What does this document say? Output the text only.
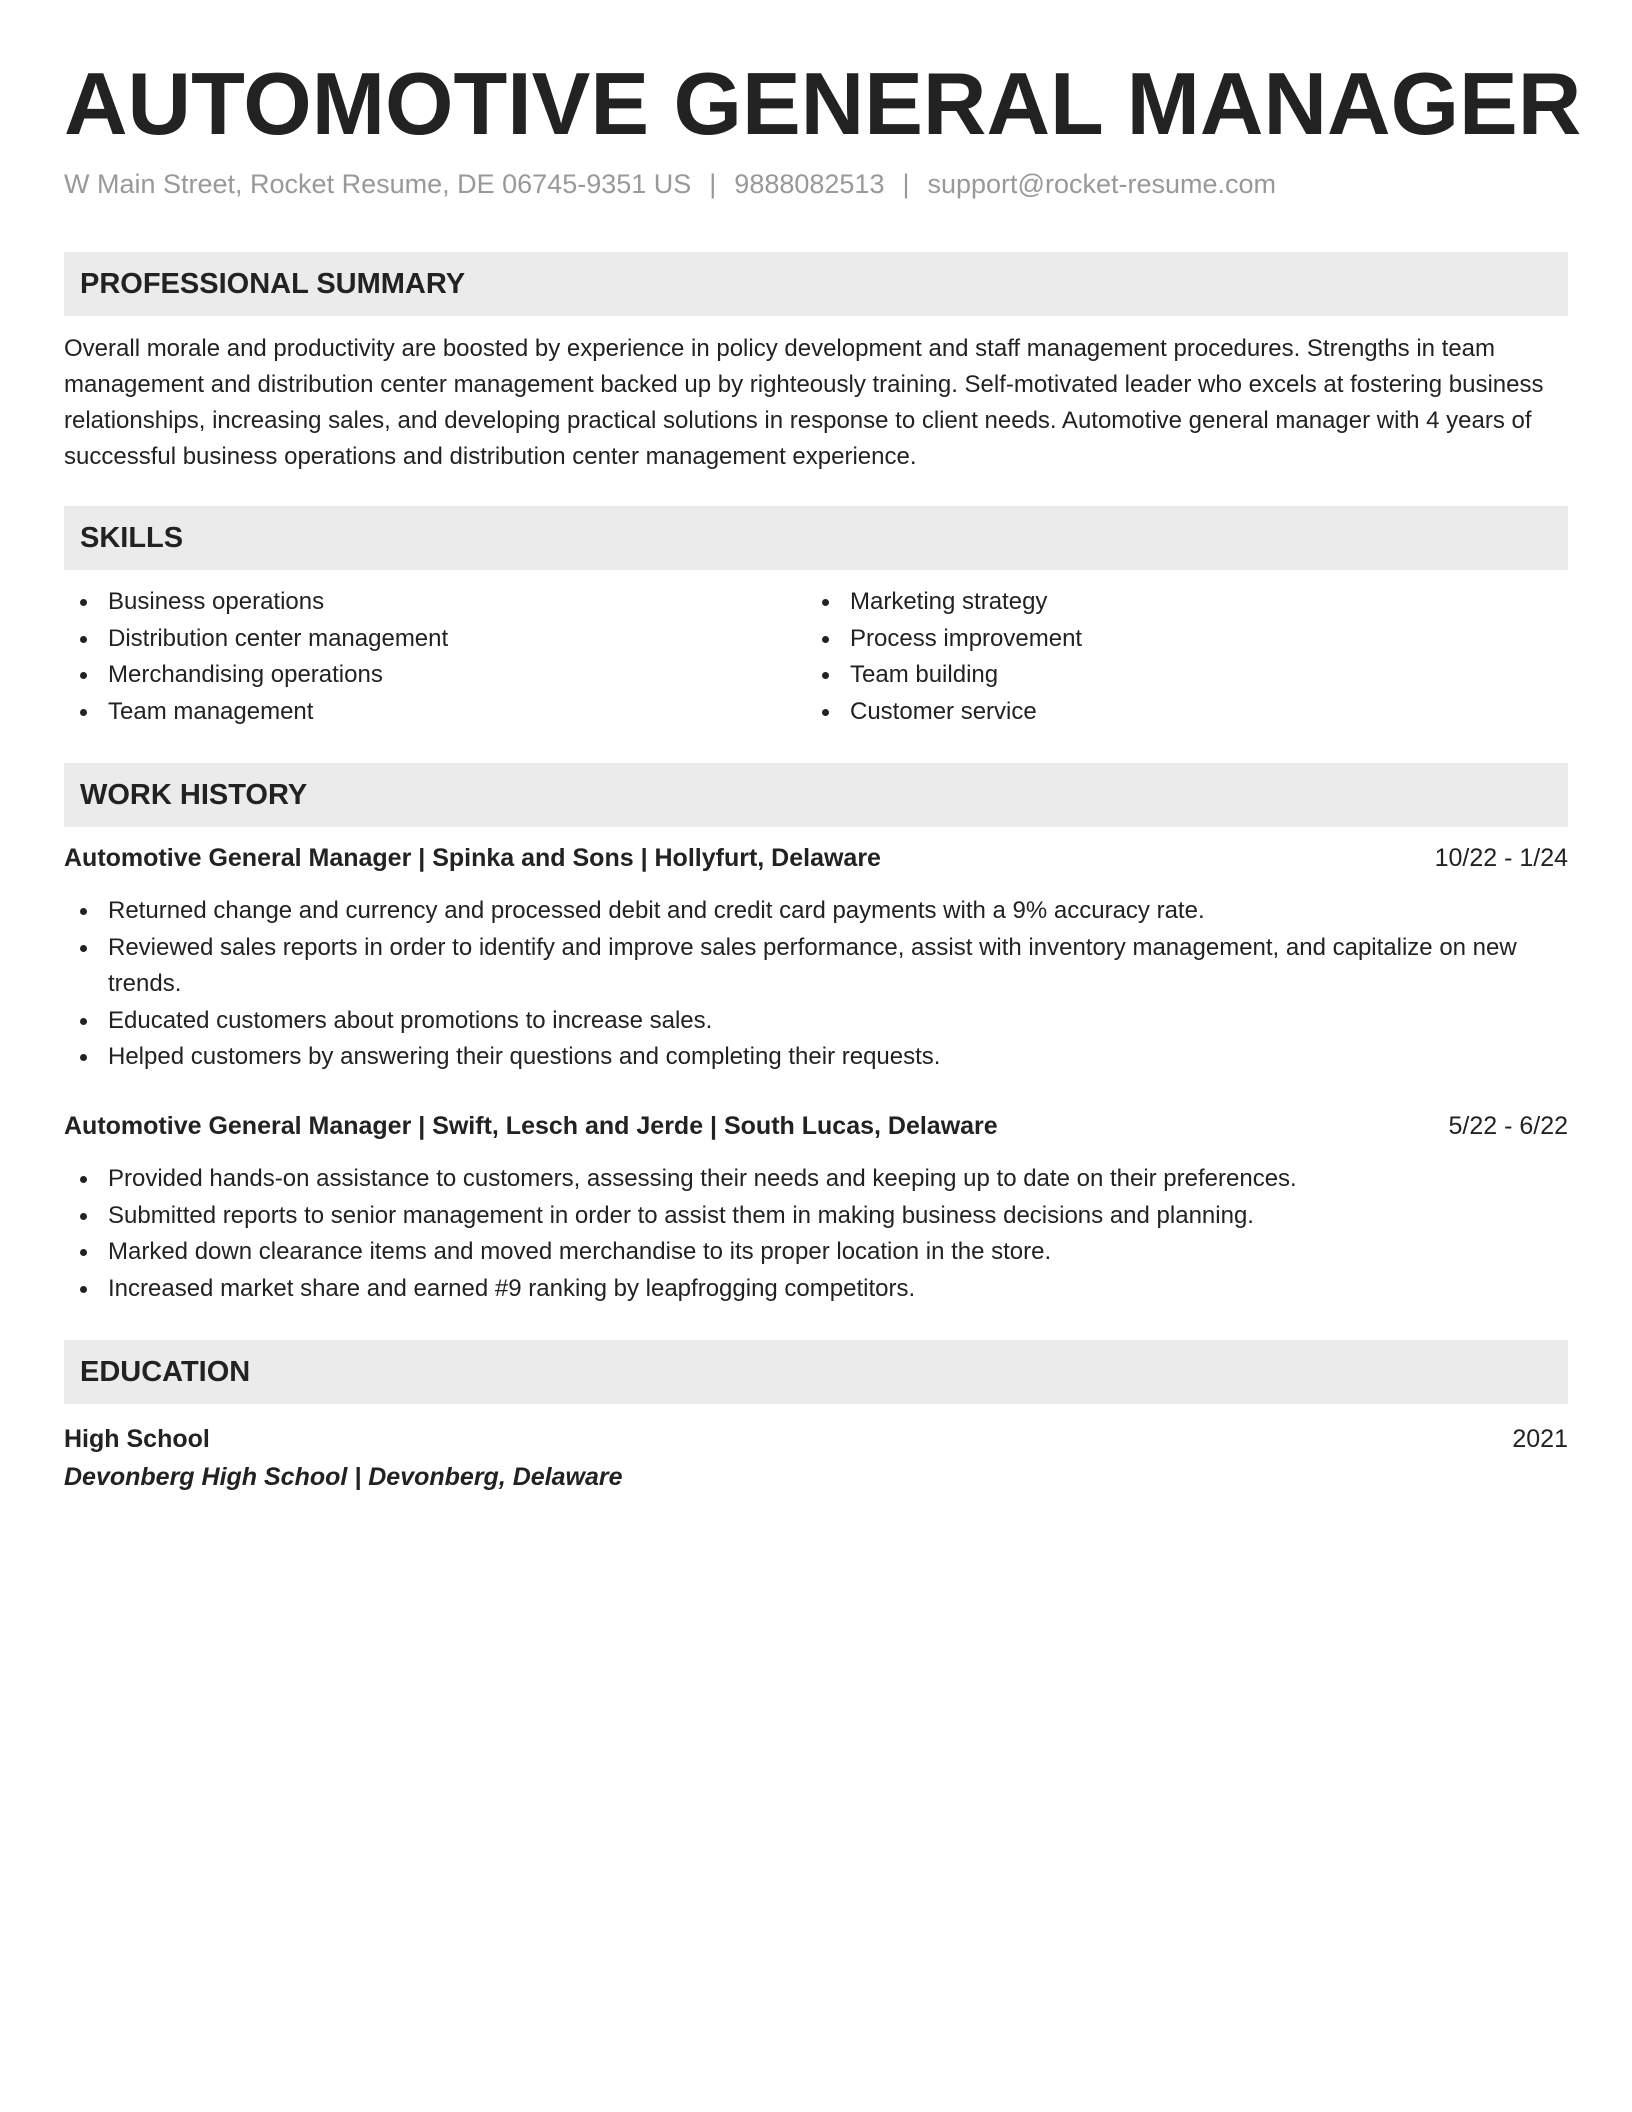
AUTOMOTIVE GENERAL MANAGER
W Main Street, Rocket Resume, DE 06745-9351 US | 9888082513 | support@rocket-resume.com
PROFESSIONAL SUMMARY
Overall morale and productivity are boosted by experience in policy development and staff management procedures. Strengths in team management and distribution center management backed up by righteously training. Self-motivated leader who excels at fostering business relationships, increasing sales, and developing practical solutions in response to client needs. Automotive general manager with 4 years of successful business operations and distribution center management experience.
SKILLS
Business operations
Distribution center management
Merchandising operations
Team management
Marketing strategy
Process improvement
Team building
Customer service
WORK HISTORY
Automotive General Manager | Spinka and Sons | Hollyfurt, Delaware	10/22 - 1/24
Returned change and currency and processed debit and credit card payments with a 9% accuracy rate.
Reviewed sales reports in order to identify and improve sales performance, assist with inventory management, and capitalize on new trends.
Educated customers about promotions to increase sales.
Helped customers by answering their questions and completing their requests.
Automotive General Manager | Swift, Lesch and Jerde | South Lucas, Delaware	5/22 - 6/22
Provided hands-on assistance to customers, assessing their needs and keeping up to date on their preferences.
Submitted reports to senior management in order to assist them in making business decisions and planning.
Marked down clearance items and moved merchandise to its proper location in the store.
Increased market share and earned #9 ranking by leapfrogging competitors.
EDUCATION
High School	2021
Devonberg High School | Devonberg, Delaware
